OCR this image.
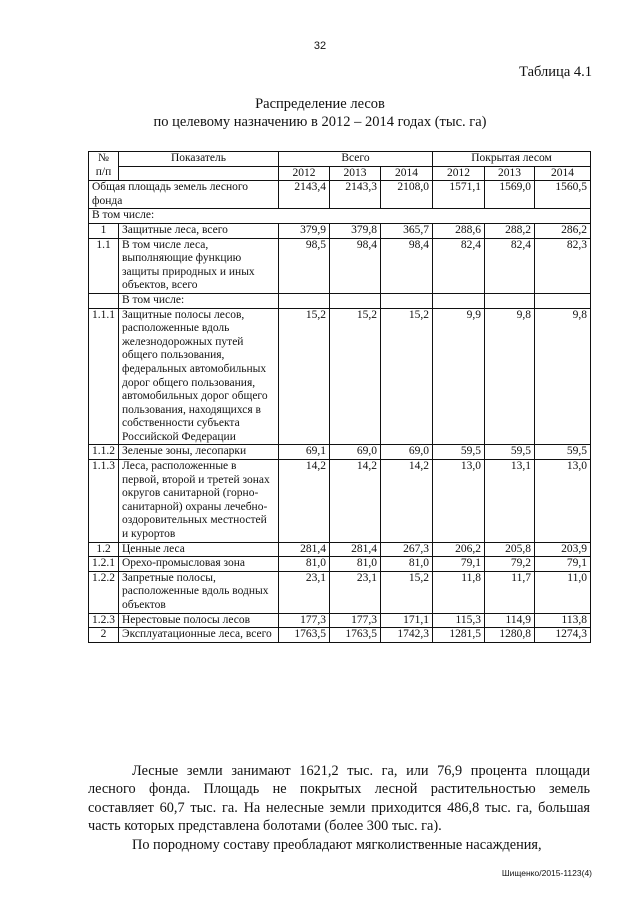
32
Таблица 4.1
Распределение лесов
по целевому назначению в 2012 – 2014 годах (тыс. га)
№
п/п	Показатель	Всего			Покрытая лесом		
		2012	2013	2014	2012	2013	2014
Общая площадь земель лесного фонда		2143,4	2143,3	2108,0	1571,1	1569,0	1560,5
В том числе:							
1	Защитные леса, всего	379,9	379,8	365,7	288,6	288,2	286,2
1.1	В том числе леса, выполняющие функцию защиты природных и иных объектов, всего	98,5	98,4	98,4	82,4	82,4	82,3
	В том числе:						
1.1.1	Защитные полосы лесов, расположенные вдоль железнодорожных путей общего пользования, федеральных автомобильных дорог общего пользования, автомобильных дорог общего пользования, находящихся в собственности субъекта Российской Федерации	15,2	15,2	15,2	9,9	9,8	9,8
1.1.2	Зеленые зоны, лесопарки	69,1	69,0	69,0	59,5	59,5	59,5
1.1.3	Леса, расположенные в первой, второй и третей зонах округов санитарной (горно-санитарной) охраны лечебно-оздоровительных местностей и курортов	14,2	14,2	14,2	13,0	13,1	13,0
1.2	Ценные леса	281,4	281,4	267,3	206,2	205,8	203,9
1.2.1	Орехо-промысловая зона	81,0	81,0	81,0	79,1	79,2	79,1
1.2.2	Запретные полосы, расположенные вдоль водных объектов	23,1	23,1	15,2	11,8	11,7	11,0
1.2.3	Нерестовые полосы лесов	177,3	177,3	171,1	115,3	114,9	113,8
2	Эксплуатационные леса, всего	1763,5	1763,5	1742,3	1281,5	1280,8	1274,3

Лесные земли занимают 1621,2 тыс. га, или 76,9 процента площади лесного фонда. Площадь не покрытых лесной растительностью земель составляет 60,7 тыс. га. На нелесные земли приходится 486,8 тыс. га, большая часть которых представлена болотами (более 300 тыс. га).

По породному составу преобладают мягколиственные насаждения,

Шищенко/2015-1123(4)
